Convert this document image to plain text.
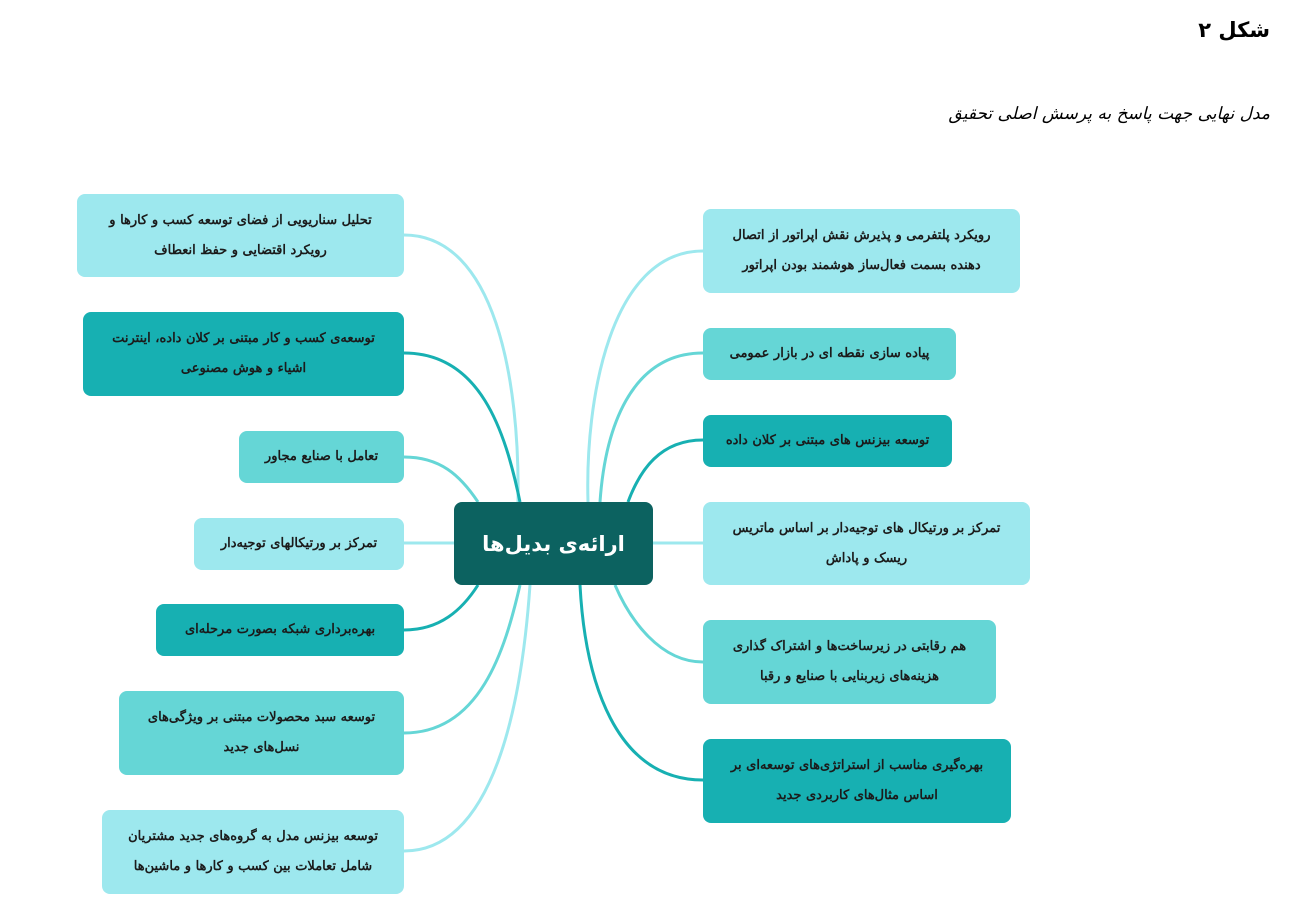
شکل ۲
مدل نهایی جهت پاسخ به پرسش اصلی تحقیق
تحلیل سناریویی از فضای توسعه کسب و کارها و
رویکرد اقتضایی و حفظ انعطاف
توسعه‌ی کسب و کار مبتنی بر کلان داده، اینترنت
اشیاء و هوش مصنوعی
تعامل با صنایع مجاور
تمرکز بر ورتیکالهای توجیه‌دار
بهره‌برداری شبکه بصورت مرحله‌ای
توسعه سبد محصولات مبتنی بر ویژگی‌های
نسل‌های جدید
توسعه بیزنس مدل به گروه‌های جدید مشتریان
شامل تعاملات بین کسب و کارها و ماشین‌ها
ارائه‌ی بدیل‌ها
رویکرد پلتفرمی و پذیرش نقش اپراتور از اتصال
دهنده بسمت فعال‌ساز هوشمند بودن اپراتور
پیاده سازی نقطه ای در بازار عمومی
توسعه بیزنس های مبتنی بر کلان داده
تمرکز بر ورتیکال های توجیه‌دار بر اساس ماتریس
ریسک و پاداش
هم رقابتی در زیرساخت‌ها و اشتراک گذاری
هزینه‌های زیربنایی با صنایع و رقبا
بهره‌گیری مناسب از استراتژی‌های توسعه‌ای بر
اساس مثال‌های کاربردی جدید
